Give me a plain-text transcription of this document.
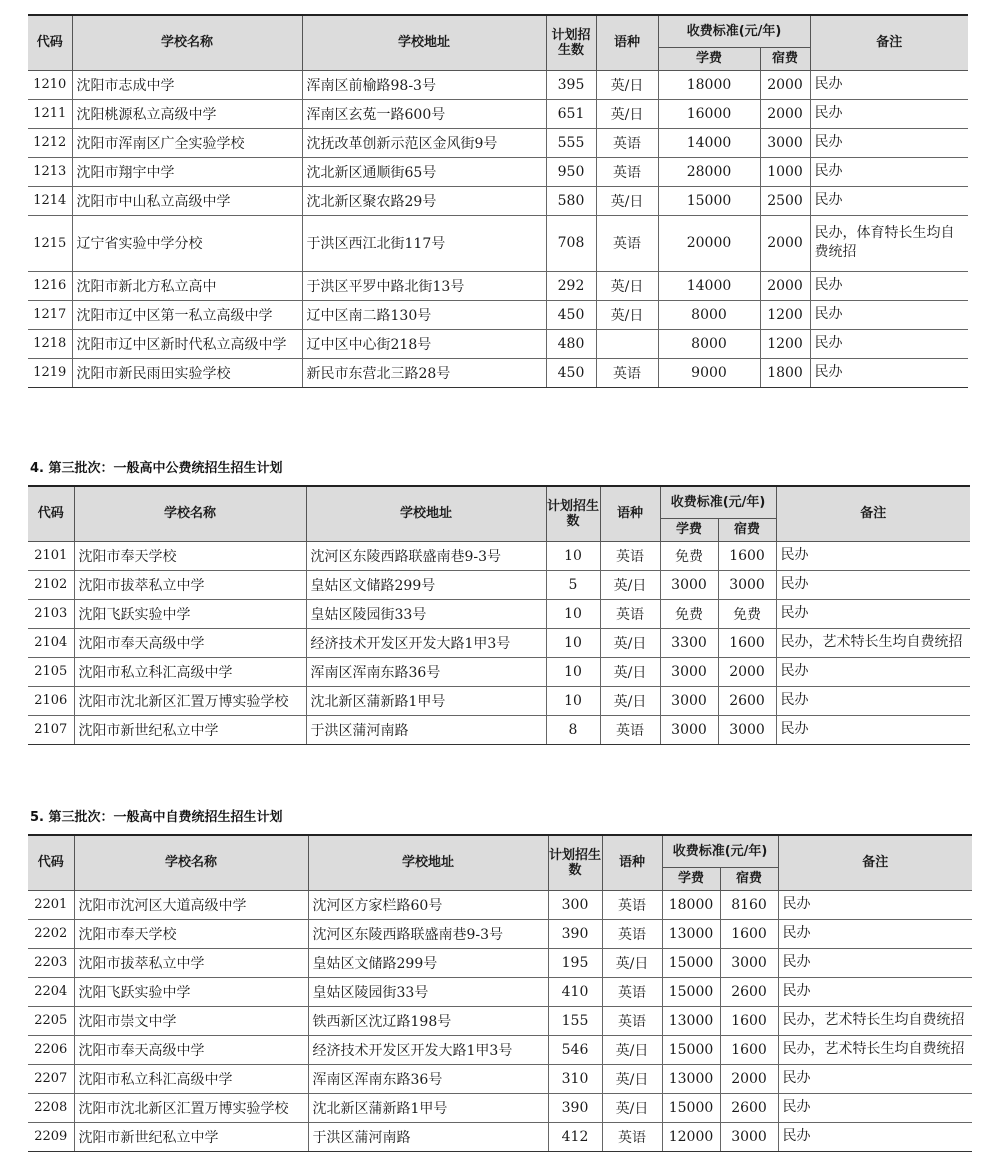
代码	学校名称	学校地址	计划招生数	语种	收费标准(元/年)		备注
					学费	宿费	
1210	沈阳市志成中学	浑南区前榆路98-3号	395	英/日	18000	2000	民办
1211	沈阳桃源私立高级中学	浑南区玄菟一路600号	651	英/日	16000	2000	民办
1212	沈阳市浑南区广全实验学校	沈抚改革创新示范区金风街9号	555	英语	14000	3000	民办
1213	沈阳市翔宇中学	沈北新区通顺街65号	950	英语	28000	1000	民办
1214	沈阳市中山私立高级中学	沈北新区聚农路29号	580	英/日	15000	2500	民办
1215	辽宁省实验中学分校	于洪区西江北街117号	708	英语	20000	2000	民办，体育特长生均自费统招
1216	沈阳市新北方私立高中	于洪区平罗中路北街13号	292	英/日	14000	2000	民办
1217	沈阳市辽中区第一私立高级中学	辽中区南二路130号	450	英/日	8000	1200	民办
1218	沈阳市辽中区新时代私立高级中学	辽中区中心街218号	480		8000	1200	民办
1219	沈阳市新民雨田实验学校	新民市东营北三路28号	450	英语	9000	1800	民办
4. 第三批次：一般高中公费统招生招生计划
代码	学校名称	学校地址	计划招生数	语种	收费标准(元/年)		备注
					学费	宿费	
2101	沈阳市奉天学校	沈河区东陵西路联盛南巷9-3号	10	英语	免费	1600	民办
2102	沈阳市拔萃私立中学	皇姑区文储路299号	5	英/日	3000	3000	民办
2103	沈阳飞跃实验中学	皇姑区陵园街33号	10	英语	免费	免费	民办
2104	沈阳市奉天高级中学	经济技术开发区开发大路1甲3号	10	英/日	3300	1600	民办，艺术特长生均自费统招
2105	沈阳市私立科汇高级中学	浑南区浑南东路36号	10	英/日	3000	2000	民办
2106	沈阳市沈北新区汇置万博实验学校	沈北新区蒲新路1甲号	10	英/日	3000	2600	民办
2107	沈阳市新世纪私立中学	于洪区蒲河南路	8	英语	3000	3000	民办
5. 第三批次：一般高中自费统招生招生计划
代码	学校名称	学校地址	计划招生数	语种	收费标准(元/年)		备注
					学费	宿费	
2201	沈阳市沈河区大道高级中学	沈河区方家栏路60号	300	英语	18000	8160	民办
2202	沈阳市奉天学校	沈河区东陵西路联盛南巷9-3号	390	英语	13000	1600	民办
2203	沈阳市拔萃私立中学	皇姑区文储路299号	195	英/日	15000	3000	民办
2204	沈阳飞跃实验中学	皇姑区陵园街33号	410	英语	15000	2600	民办
2205	沈阳市崇文中学	铁西新区沈辽路198号	155	英语	13000	1600	民办，艺术特长生均自费统招
2206	沈阳市奉天高级中学	经济技术开发区开发大路1甲3号	546	英/日	15000	1600	民办，艺术特长生均自费统招
2207	沈阳市私立科汇高级中学	浑南区浑南东路36号	310	英/日	13000	2000	民办
2208	沈阳市沈北新区汇置万博实验学校	沈北新区蒲新路1甲号	390	英/日	15000	2600	民办
2209	沈阳市新世纪私立中学	于洪区蒲河南路	412	英语	12000	3000	民办
